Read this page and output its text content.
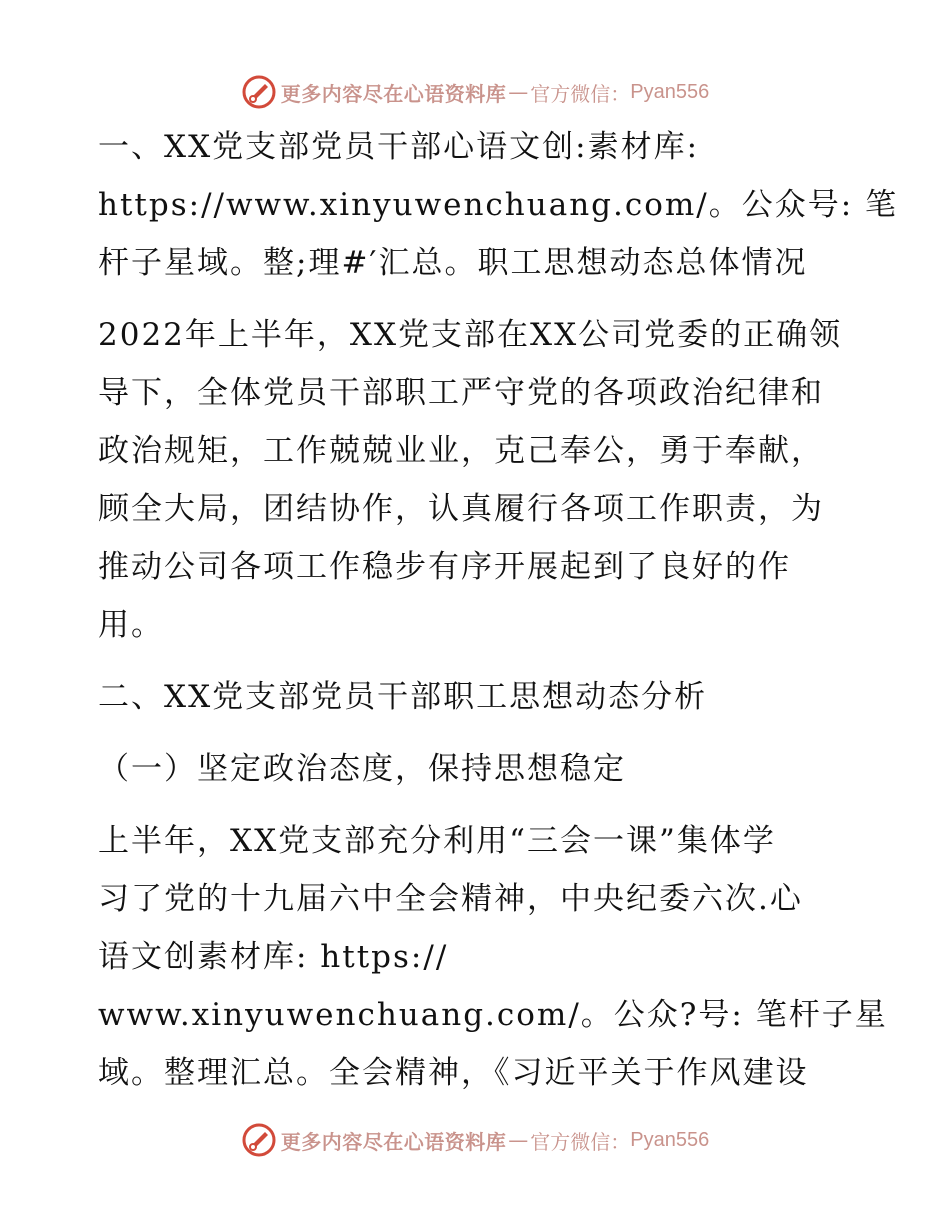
更多内容尽在心语资料库 — 官方微信： Pyan556
一、XX党支部党员干部心语文创:素材库:
https://www.xinyuwenchuang.com/。公众号: 笔
杆子星域。整;理#′汇总。职工思想动态总体情况
2022年上半年，XX党支部在XX公司党委的正确领
导下，全体党员干部职工严守党的各项政治纪律和
政治规矩，工作兢兢业业，克己奉公，勇于奉献，
顾全大局，团结协作，认真履行各项工作职责，为
推动公司各项工作稳步有序开展起到了良好的作
用。
二、XX党支部党员干部职工思想动态分析
（一）坚定政治态度，保持思想稳定
上半年，XX党支部充分利用“三会一课”集体学
习了党的十九届六中全会精神，中央纪委六次.心
语文创素材库: https://
www.xinyuwenchuang.com/。公众?号: 笔杆子星
域。整理汇总。全会精神，《习近平关于作风建设
更多内容尽在心语资料库 — 官方微信： Pyan556
